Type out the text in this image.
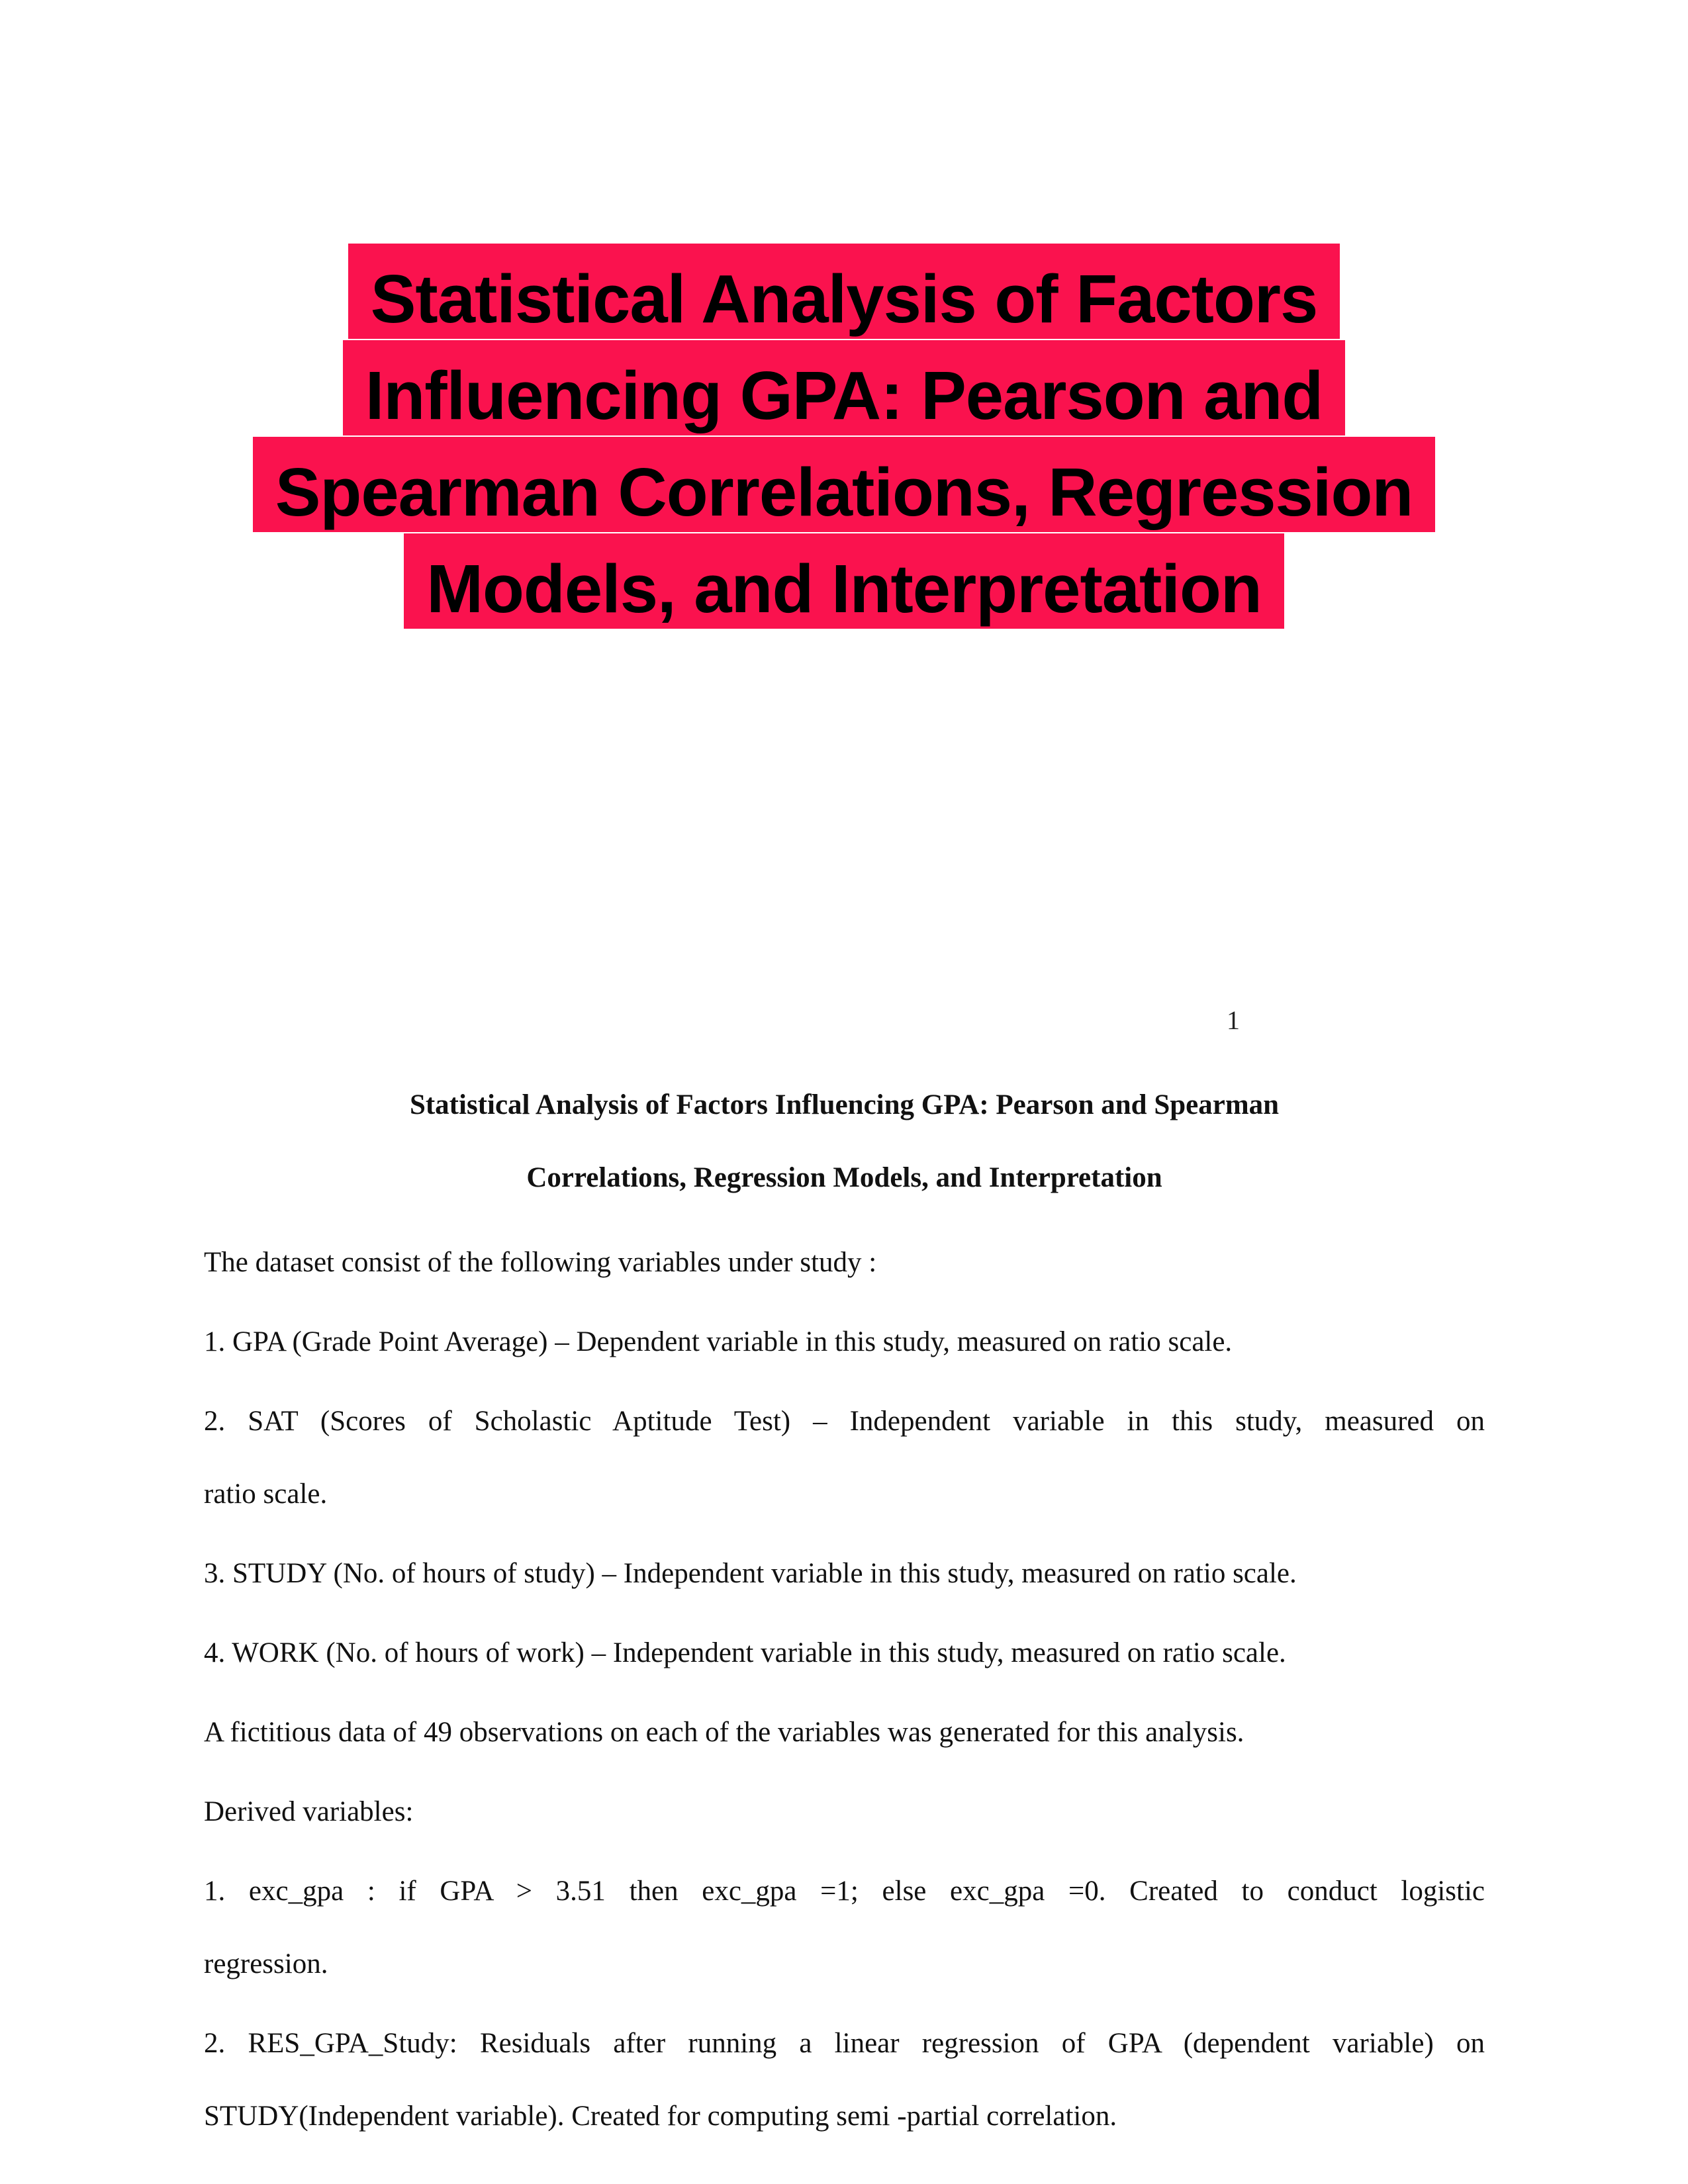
Statistical Analysis of Factors
Influencing GPA: Pearson and
Spearman Correlations, Regression
Models, and Interpretation
1

Statistical Analysis of Factors Influencing GPA: Pearson and Spearman
Correlations, Regression Models, and Interpretation

The dataset consist of the following variables under study :

1. GPA (Grade Point Average) – Dependent variable in this study, measured on ratio scale.

2. SAT (Scores of Scholastic Aptitude Test) – Independent variable in this study, measured on
ratio scale.

3. STUDY (No. of hours of study) – Independent variable in this study, measured on ratio scale.

4. WORK (No. of hours of work) – Independent variable in this study, measured on ratio scale.

A fictitious data of 49 observations on each of the variables was generated for this analysis.

Derived variables:

1. exc_gpa : if GPA > 3.51 then exc_gpa =1; else exc_gpa =0. Created to conduct logistic
regression.

2. RES_GPA_Study: Residuals after running a linear regression of GPA (dependent variable) on
STUDY(Independent variable). Created for computing semi -partial correlation.
